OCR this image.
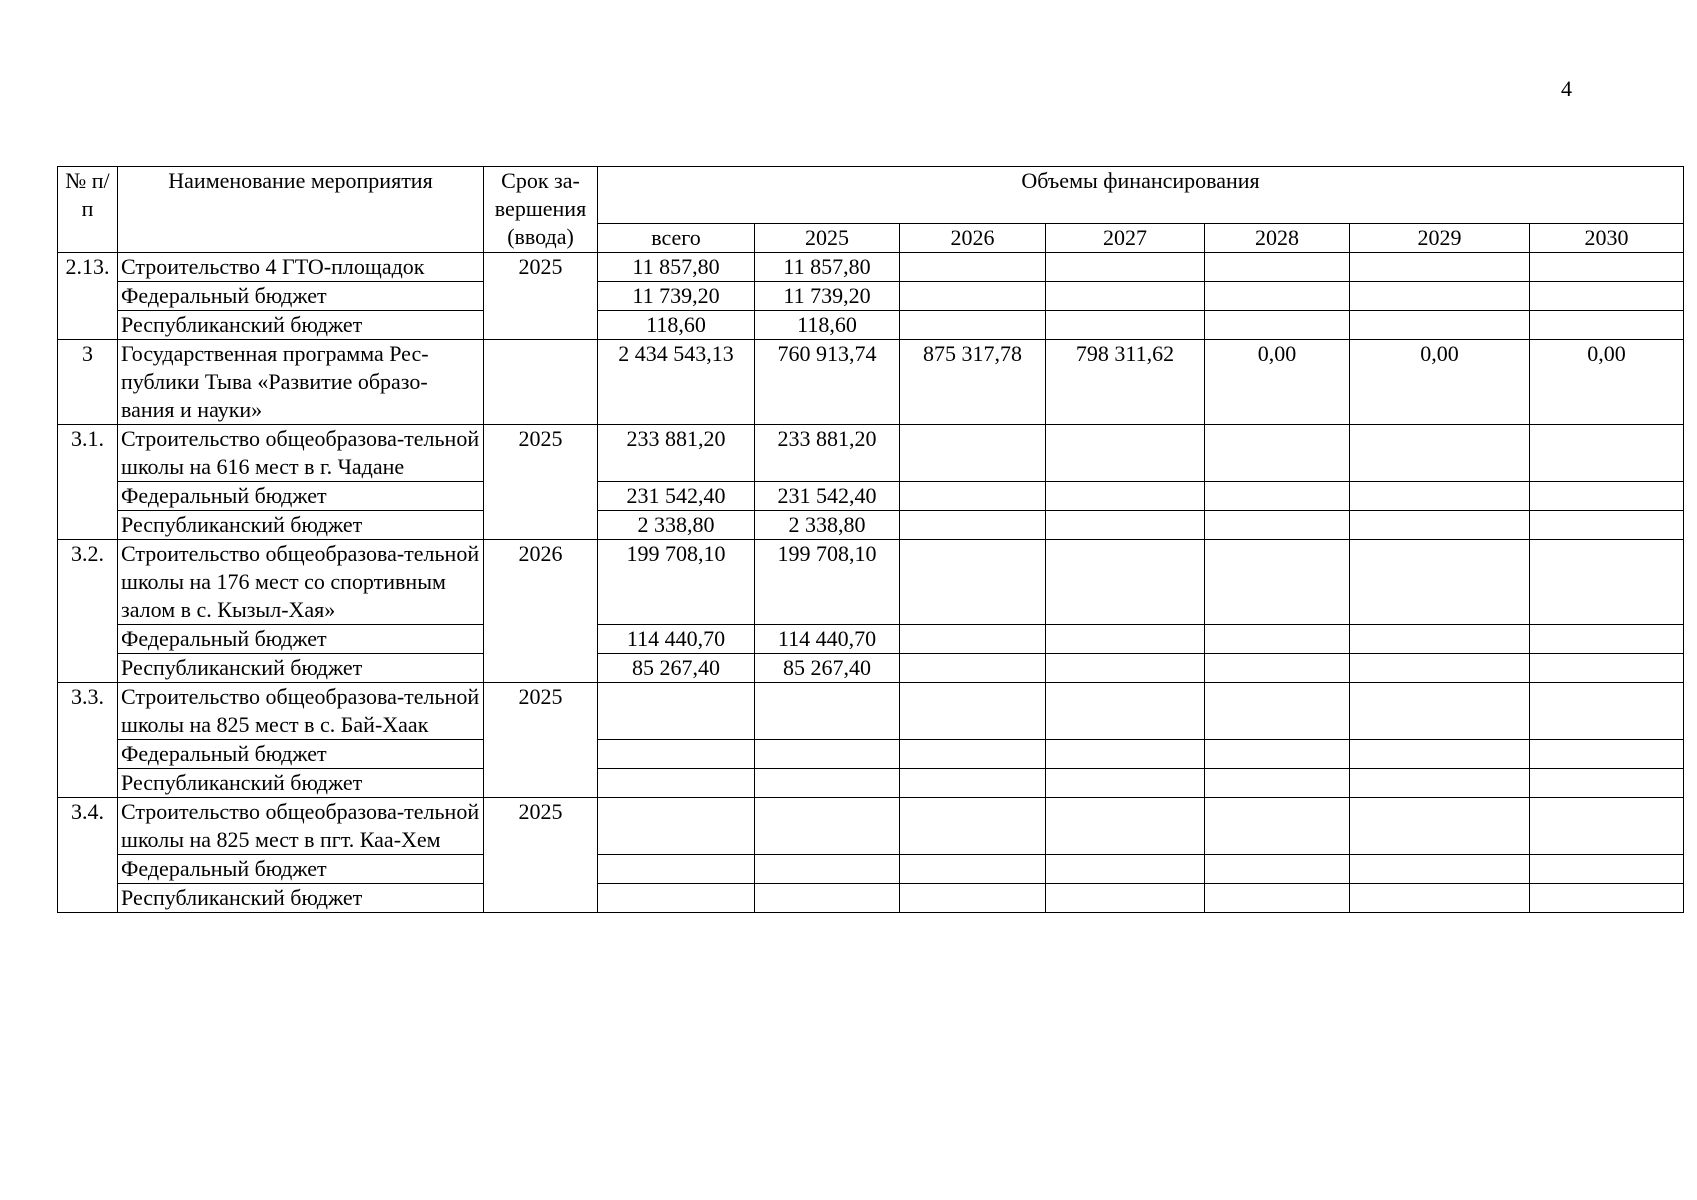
4
№ п/п	Наименование мероприятия	Срок за-вершения (ввода)	Объемы финансирования						
			всего	2025	2026	2027	2028	2029	2030
2.13.	Строительство 4 ГТО-площадок	2025	11 857,80	11 857,80					
	Федеральный бюджет		11 739,20	11 739,20					
	Республиканский бюджет		118,60	118,60					
3	Государственная программа Рес-публики Тыва «Развитие образо-вания и науки»		2 434 543,13	760 913,74	875 317,78	798 311,62	0,00	0,00	0,00
3.1.	Строительство общеобразова-тельной школы на 616 мест в г. Чадане	2025	233 881,20	233 881,20					
	Федеральный бюджет		231 542,40	231 542,40					
	Республиканский бюджет		2 338,80	2 338,80					
3.2.	Строительство общеобразова-тельной школы на 176 мест со спортивным залом в с. Кызыл-Хая»	2026	199 708,10	199 708,10					
	Федеральный бюджет		114 440,70	114 440,70					
	Республиканский бюджет		85 267,40	85 267,40					
3.3.	Строительство общеобразова-тельной школы на 825 мест в с. Бай-Хаак	2025							
	Федеральный бюджет								
	Республиканский бюджет								
3.4.	Строительство общеобразова-тельной школы на 825 мест в пгт. Каа-Хем	2025							
	Федеральный бюджет								
	Республиканский бюджет								
